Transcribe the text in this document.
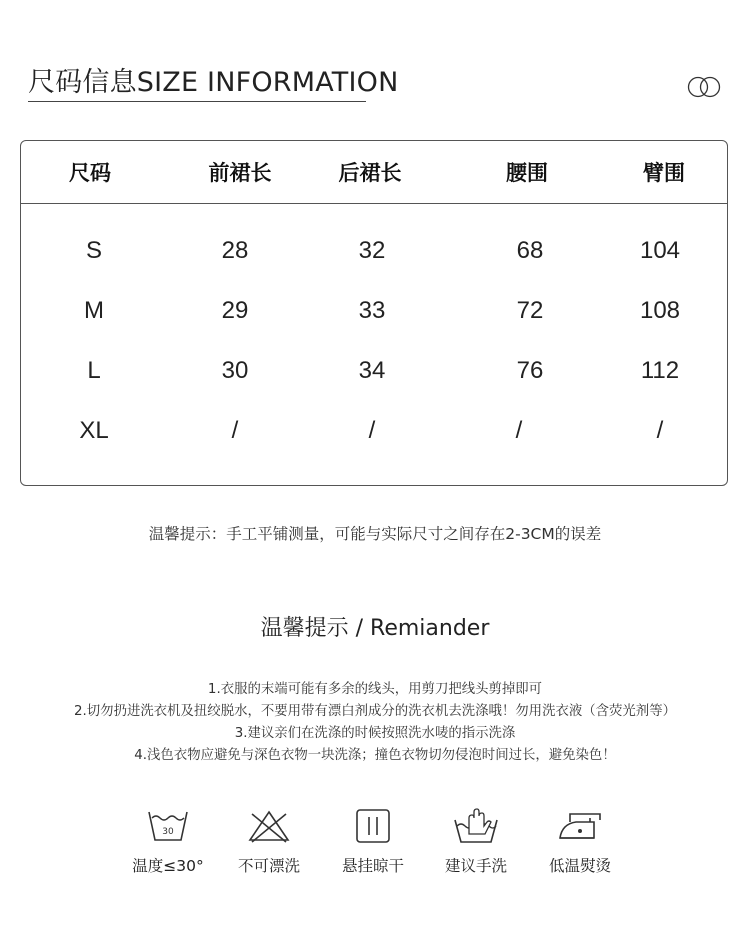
尺码信息SIZE INFORMATION
尺码	前裙长	后裙长	腰围	臂围
S	28	32	68	104
M	29	33	72	108
L	30	34	76	112
XL	/	/	/	/
温馨提示：手工平铺测量，可能与实际尺寸之间存在2-3CM的误差
温馨提示 / Remiander
1.衣服的末端可能有多余的线头，用剪刀把线头剪掉即可
2.切勿扔进洗衣机及扭绞脱水，不要用带有漂白剂成分的洗衣机去洗涤哦！勿用洗衣液（含荧光剂等）
3.建议亲们在洗涤的时候按照洗水唛的指示洗涤
4.浅色衣物应避免与深色衣物一块洗涤；撞色衣物切勿侵泡时间过长，避免染色！
30
温度≤30°	不可漂洗	悬挂晾干	建议手洗	低温熨烫
